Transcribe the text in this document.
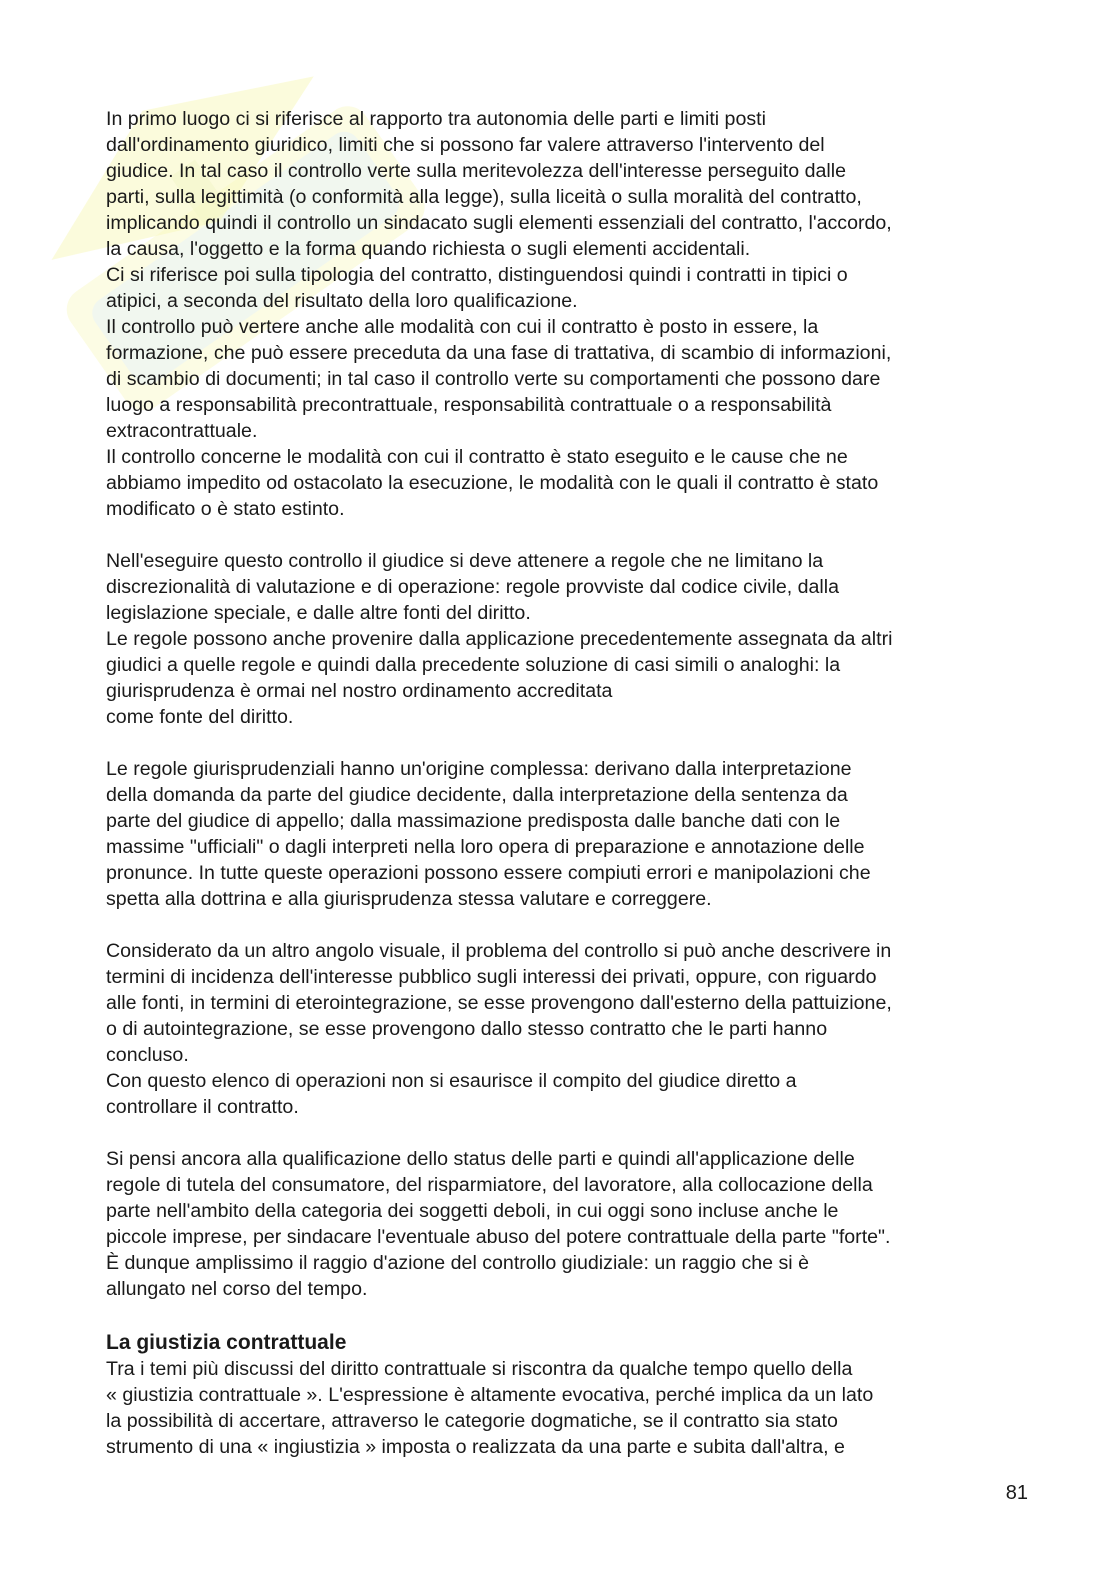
In primo luogo ci si riferisce al rapporto tra autonomia delle parti e limiti posti
dall'ordinamento giuridico, limiti che si possono far valere attraverso l'intervento del
giudice. In tal caso il controllo verte sulla meritevolezza dell'interesse perseguito dalle
parti, sulla legittimità (o conformità alla legge), sulla liceità o sulla moralità del contratto,
implicando quindi il controllo un sindacato sugli elementi essenziali del contratto, l'accordo,
la causa, l'oggetto e la forma quando richiesta o sugli elementi accidentali.
Ci si riferisce poi sulla tipologia del contratto, distinguendosi quindi i contratti in tipici o
atipici, a seconda del risultato della loro qualificazione.
Il controllo può vertere anche alle modalità con cui il contratto è posto in essere, la
formazione, che può essere preceduta da una fase di trattativa, di scambio di informazioni,
di scambio di documenti; in tal caso il controllo verte su comportamenti che possono dare
luogo a responsabilità precontrattuale, responsabilità contrattuale o a responsabilità
extracontrattuale.
Il controllo concerne le modalità con cui il contratto è stato eseguito e le cause che ne
abbiamo impedito od ostacolato la esecuzione, le modalità con le quali il contratto è stato
modificato o è stato estinto.
Nell'eseguire questo controllo il giudice si deve attenere a regole che ne limitano la
discrezionalità di valutazione e di operazione: regole provviste dal codice civile, dalla
legislazione speciale, e dalle altre fonti del diritto.
Le regole possono anche provenire dalla applicazione precedentemente assegnata da altri
giudici a quelle regole e quindi dalla precedente soluzione di casi simili o analoghi: la
giurisprudenza è ormai nel nostro ordinamento accreditata
come fonte del diritto.
Le regole giurisprudenziali hanno un'origine complessa: derivano dalla interpretazione
della domanda da parte del giudice decidente, dalla interpretazione della sentenza da
parte del giudice di appello; dalla massimazione predisposta dalle banche dati con le
massime "ufficiali" o dagli interpreti nella loro opera di preparazione e annotazione delle
pronunce. In tutte queste operazioni possono essere compiuti errori e manipolazioni che
spetta alla dottrina e alla giurisprudenza stessa valutare e correggere.
Considerato da un altro angolo visuale, il problema del controllo si può anche descrivere in
termini di incidenza dell'interesse pubblico sugli interessi dei privati, oppure, con riguardo
alle fonti, in termini di eterointegrazione, se esse provengono dall'esterno della pattuizione,
o di autointegrazione, se esse provengono dallo stesso contratto che le parti hanno
concluso.
Con questo elenco di operazioni non si esaurisce il compito del giudice diretto a
controllare il contratto.
Si pensi ancora alla qualificazione dello status delle parti e quindi all'applicazione delle
regole di tutela del consumatore, del risparmiatore, del lavoratore, alla collocazione della
parte nell'ambito della categoria dei soggetti deboli, in cui oggi sono incluse anche le
piccole imprese, per sindacare l'eventuale abuso del potere contrattuale della parte "forte".
È dunque amplissimo il raggio d'azione del controllo giudiziale: un raggio che si è
allungato nel corso del tempo.
La giustizia contrattuale
Tra i temi più discussi del diritto contrattuale si riscontra da qualche tempo quello della
« giustizia contrattuale ». L'espressione è altamente evocativa, perché implica da un lato
la possibilità di accertare, attraverso le categorie dogmatiche, se il contratto sia stato
strumento di una « ingiustizia » imposta o realizzata da una parte e subita dall'altra, e
81
